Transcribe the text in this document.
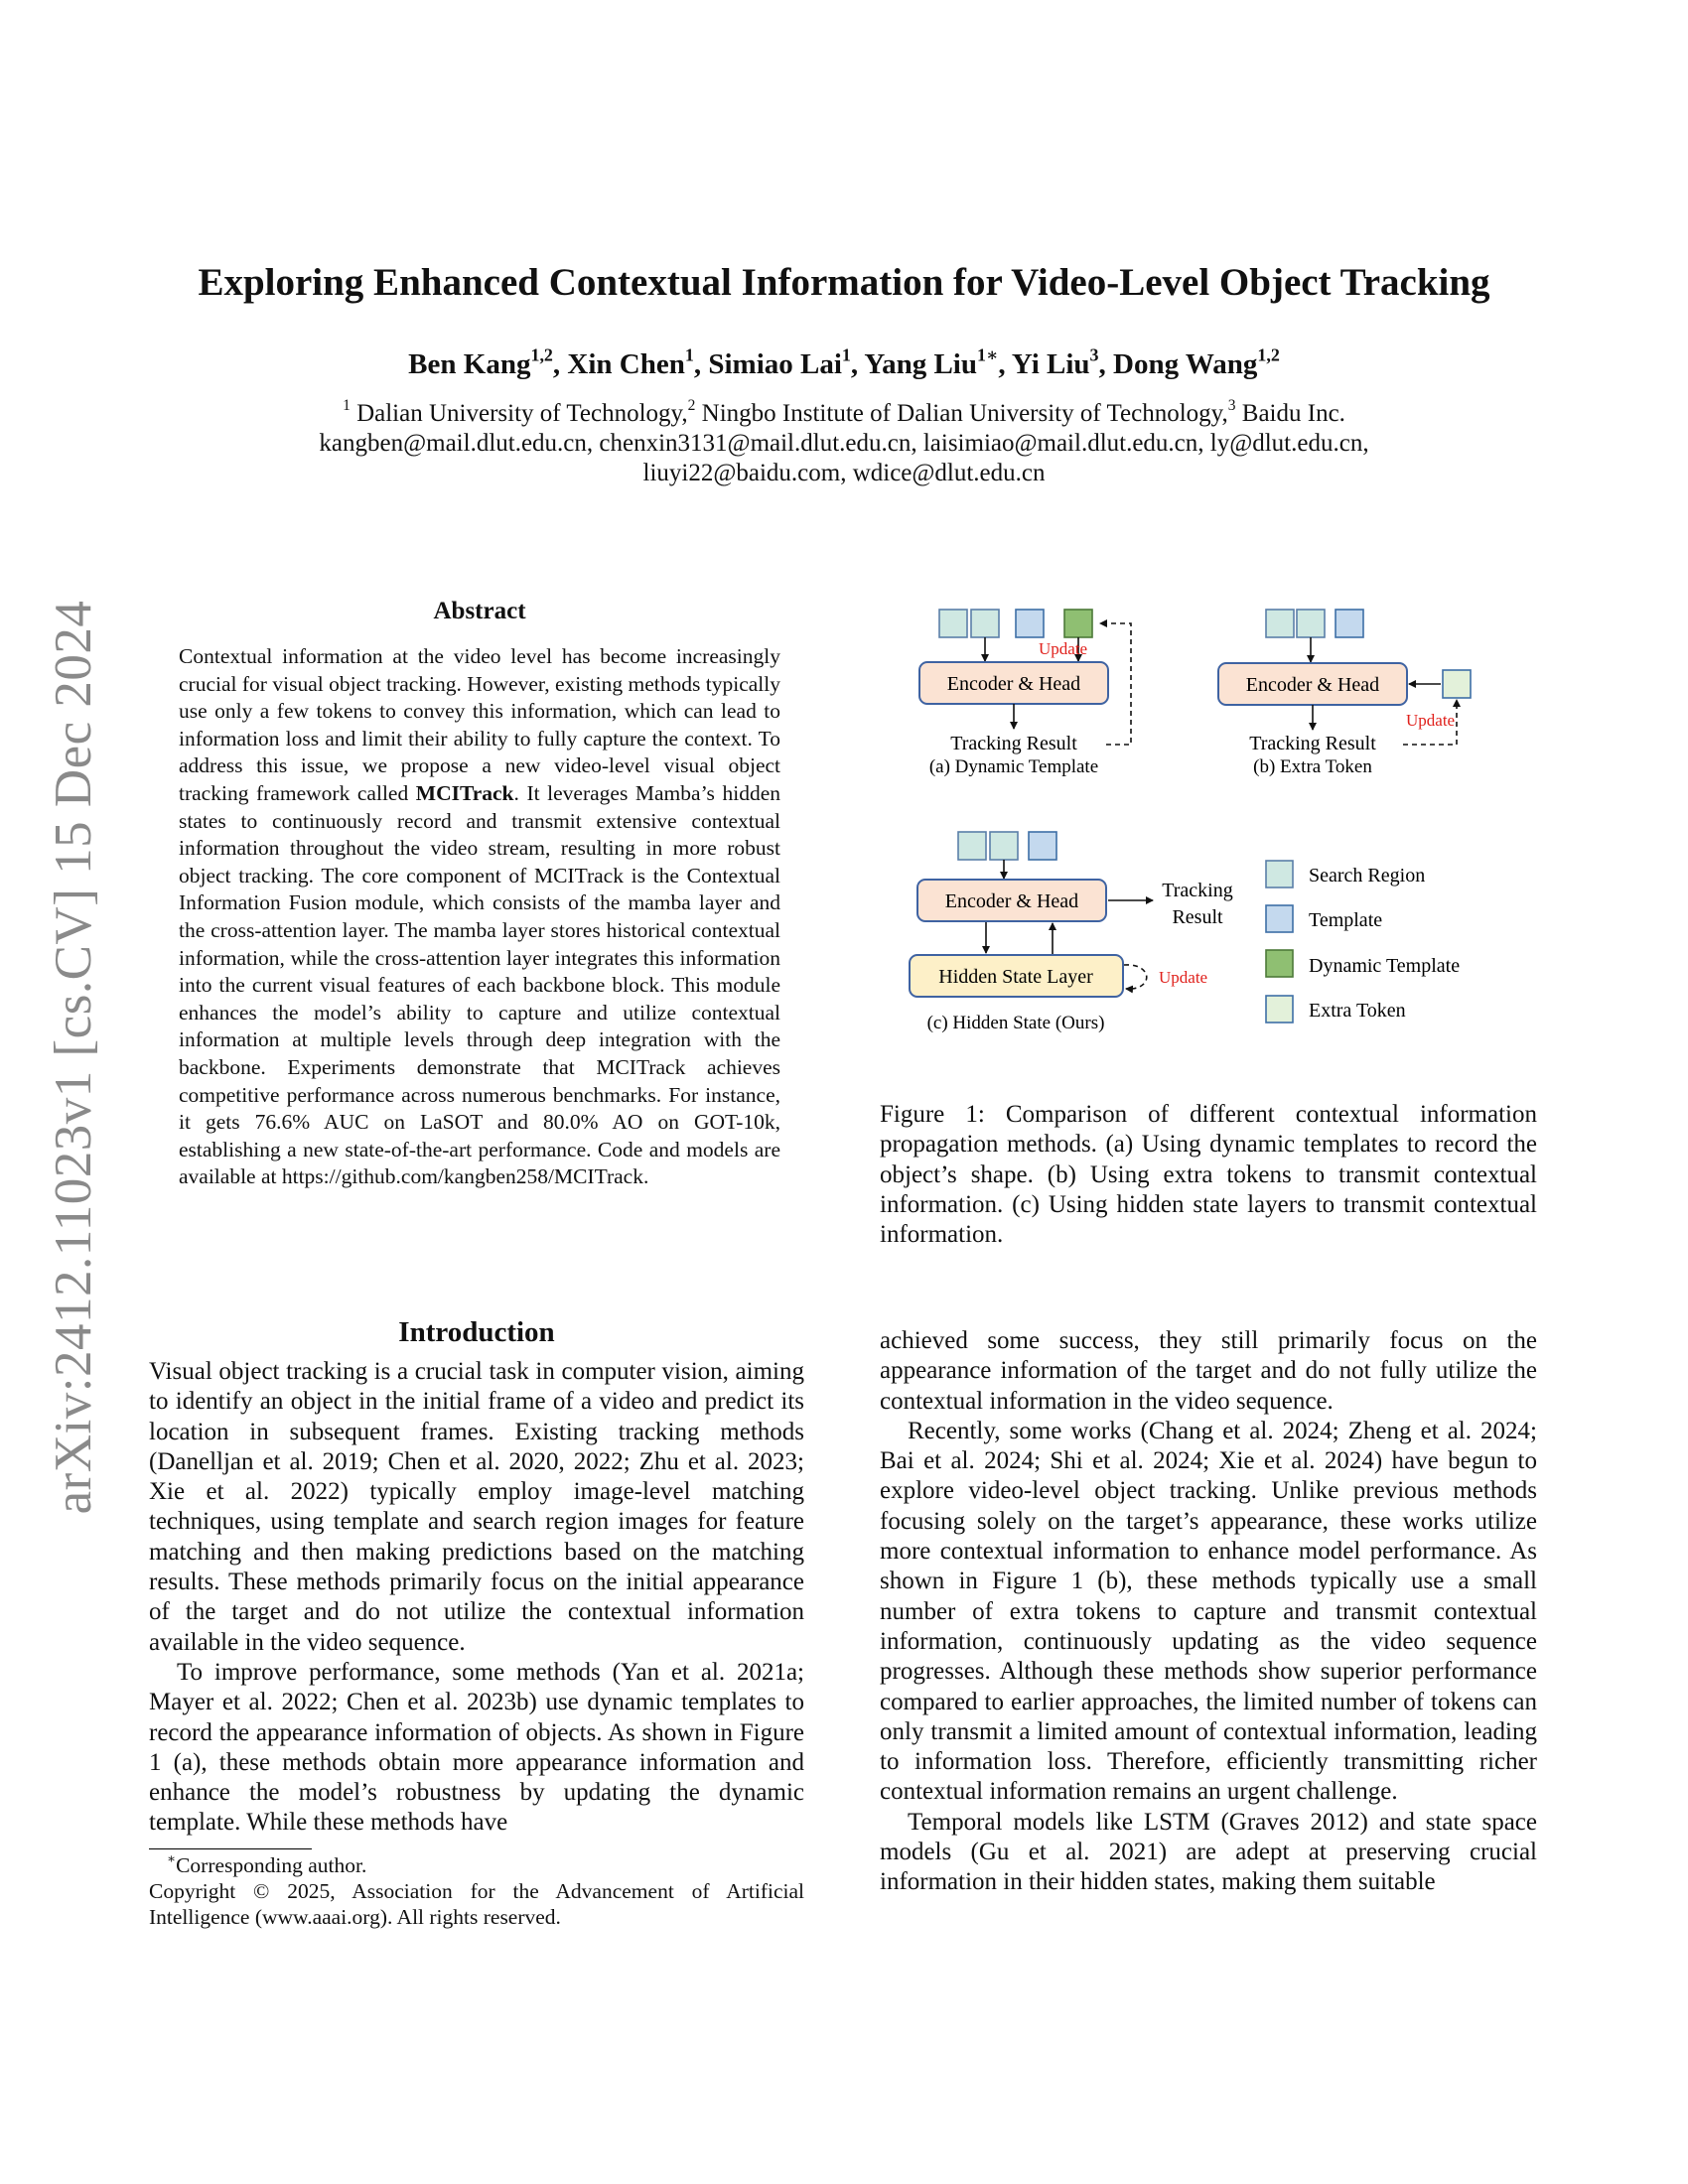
arXiv:2412.11023v1 [cs.CV] 15 Dec 2024
Exploring Enhanced Contextual Information for Video-Level Object Tracking
Ben Kang$^{1,2}$, Xin Chen$^1$, Simiao Lai$^1$, Yang Liu$^{1∗}$, Yi Liu$^3$, Dong Wang$^{1,2}$
$^1$ Dalian University of Technology,$^2$ Ningbo Institute of Dalian University of Technology,$^3$ Baidu Inc.
kangben@mail.dlut.edu.cn, chenxin3131@mail.dlut.edu.cn, laisimiao@mail.dlut.edu.cn, ly@dlut.edu.cn,
liuyi22@baidu.com, wdice@dlut.edu.cn
Abstract
Contextual information at the video level has become increasingly crucial for visual object tracking. However, existing methods typically use only a few tokens to convey this information, which can lead to information loss and limit their ability to fully capture the context. To address this issue, we propose a new video-level visual object tracking framework called MCITrack. It leverages Mamba’s hidden states to continuously record and transmit extensive contextual information throughout the video stream, resulting in more robust object tracking. The core component of MCITrack is the Contextual Information Fusion module, which consists of the mamba layer and the cross-attention layer. The mamba layer stores historical contextual information, while the cross-attention layer integrates this information into the current visual features of each backbone block. This module enhances the model’s ability to capture and utilize contextual information at multiple levels through deep integration with the backbone. Experiments demonstrate that MCITrack achieves competitive performance across numerous benchmarks. For instance, it gets 76.6% AUC on LaSOT and 80.0% AO on GOT-10k, establishing a new state-of-the-art performance. Code and models are available at https://github.com/kangben258/MCITrack.
Introduction

Visual object tracking is a crucial task in computer vision, aiming to identify an object in the initial frame of a video and predict its location in subsequent frames. Existing tracking methods (Danelljan et al. 2019; Chen et al. 2020, 2022; Zhu et al. 2023; Xie et al. 2022) typically employ image-level matching techniques, using template and search region images for feature matching and then making predictions based on the matching results. These methods primarily focus on the initial appearance of the target and do not utilize the contextual information available in the video sequence.

To improve performance, some methods (Yan et al. 2021a; Mayer et al. 2022; Chen et al. 2023b) use dynamic templates to record the appearance information of objects. As shown in Figure 1 (a), these methods obtain more appearance information and enhance the model’s robustness by updating the dynamic template. While these methods have

achieved some success, they still primarily focus on the appearance information of the target and do not fully utilize the contextual information in the video sequence.

Recently, some works (Chang et al. 2024; Zheng et al. 2024; Bai et al. 2024; Shi et al. 2024; Xie et al. 2024) have begun to explore video-level object tracking. Unlike previous methods focusing solely on the target’s appearance, these works utilize more contextual information to enhance model performance. As shown in Figure 1 (b), these methods typically use a small number of extra tokens to capture and transmit contextual information, continuously updating as the video sequence progresses. Although these methods show superior performance compared to earlier approaches, the limited number of tokens can only transmit a limited amount of contextual information, leading to information loss. Therefore, efficiently transmitting richer contextual information remains an urgent challenge.

Temporal models like LSTM (Graves 2012) and state space models (Gu et al. 2021) are adept at preserving crucial information in their hidden states, making them suitable

∗Corresponding author.
Copyright © 2025, Association for the Advancement of Artificial Intelligence (www.aaai.org). All rights reserved.
Encoder & Head
Tracking Result
Update
(a) Dynamic Template
Encoder & Head
Tracking Result
Update
(b) Extra Token
Encoder & Head	Tracking
Result
Hidden State Layer	Update
(c) Hidden State (Ours)
Search Region
Template
Dynamic Template
Extra Token
Figure 1: Comparison of different contextual information propagation methods. (a) Using dynamic templates to record the object’s shape. (b) Using extra tokens to transmit contextual information. (c) Using hidden state layers to transmit contextual information.
